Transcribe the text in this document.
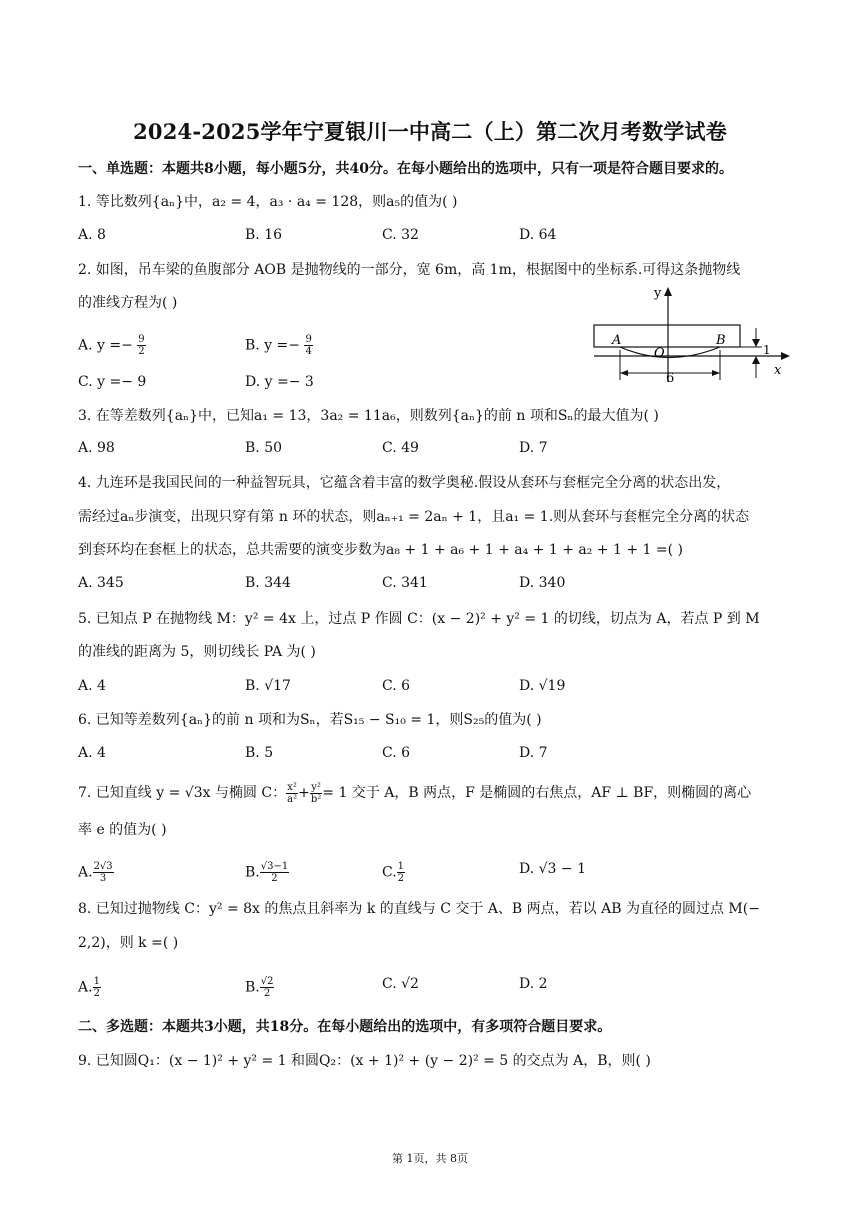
2024-2025学年宁夏银川一中高二（上）第二次月考数学试卷
一、单选题：本题共8小题，每小题5分，共40分。在每小题给出的选项中，只有一项是符合题目要求的。
1. 等比数列{aₙ}中，a₂ = 4，a₃ · a₄ = 128，则a₅的值为( )
A. 8	B. 16	C. 32	D. 64
2. 如图，吊车梁的鱼腹部分 AOB 是抛物线的一部分，宽 6m，高 1m，根据图中的坐标系.可得这条抛物线
的准线方程为( )
A. $y =- \frac{9}{2}$	B. $y =- \frac{9}{4}$
C. y =− 9	D. y =− 3
y
x
A	B
O
6
1
3. 在等差数列{aₙ}中，已知a₁ = 13，3a₂ = 11a₆，则数列{aₙ}的前 n 项和Sₙ的最大值为( )
A. 98	B. 50	C. 49	D. 7
4. 九连环是我国民间的一种益智玩具，它蕴含着丰富的数学奥秘.假设从套环与套框完全分离的状态出发，
需经过aₙ步演变，出现只穿有第 n 环的状态，则aₙ₊₁ = 2aₙ + 1，且a₁ = 1.则从套环与套框完全分离的状态
到套环均在套框上的状态，总共需要的演变步数为a₈ + 1 + a₆ + 1 + a₄ + 1 + a₂ + 1 + 1 =( )
A. 345	B. 344	C. 341	D. 340
5. 已知点 P 在抛物线 M：y² = 4x 上，过点 P 作圆 C：(x − 2)² + y² = 1 的切线，切点为 A，若点 P 到 M
的准线的距离为 5，则切线长 PA 为( )
A. 4	B. √17	C. 6	D. √19
6. 已知等差数列{aₙ}的前 n 项和为Sₙ，若S₁₅ − S₁₀ = 1，则S₂₅的值为( )
A. 4	B. 5	C. 6	D. 7
7. 已知直线 y = √3x 与椭圆 C： $\frac{\text{x²}}{\text{a²}} + \frac{\text{y²}}{\text{b²}} = 1$ 交于 A，B 两点，F 是椭圆的右焦点，AF ⊥ BF，则椭圆的离心
率 e 的值为( )
A. $\frac{2√3}{3}$	B. $\frac{√3-1}{2}$	C. $\frac{1}{2}$	D. √3 − 1
8. 已知过抛物线 C：y² = 8x 的焦点且斜率为 k 的直线与 C 交于 A、B 两点，若以 AB 为直径的圆过点 M(−
2,2)，则 k =( )
A. $\frac{1}{2}$	B. $\frac{√2}{2}$	C. √2	D. 2
二、多选题：本题共3小题，共18分。在每小题给出的选项中，有多项符合题目要求。
9. 已知圆Q₁：(x − 1)² + y² = 1 和圆Q₂：(x + 1)² + (y − 2)² = 5 的交点为 A，B，则( )
第 1页，共 8页
